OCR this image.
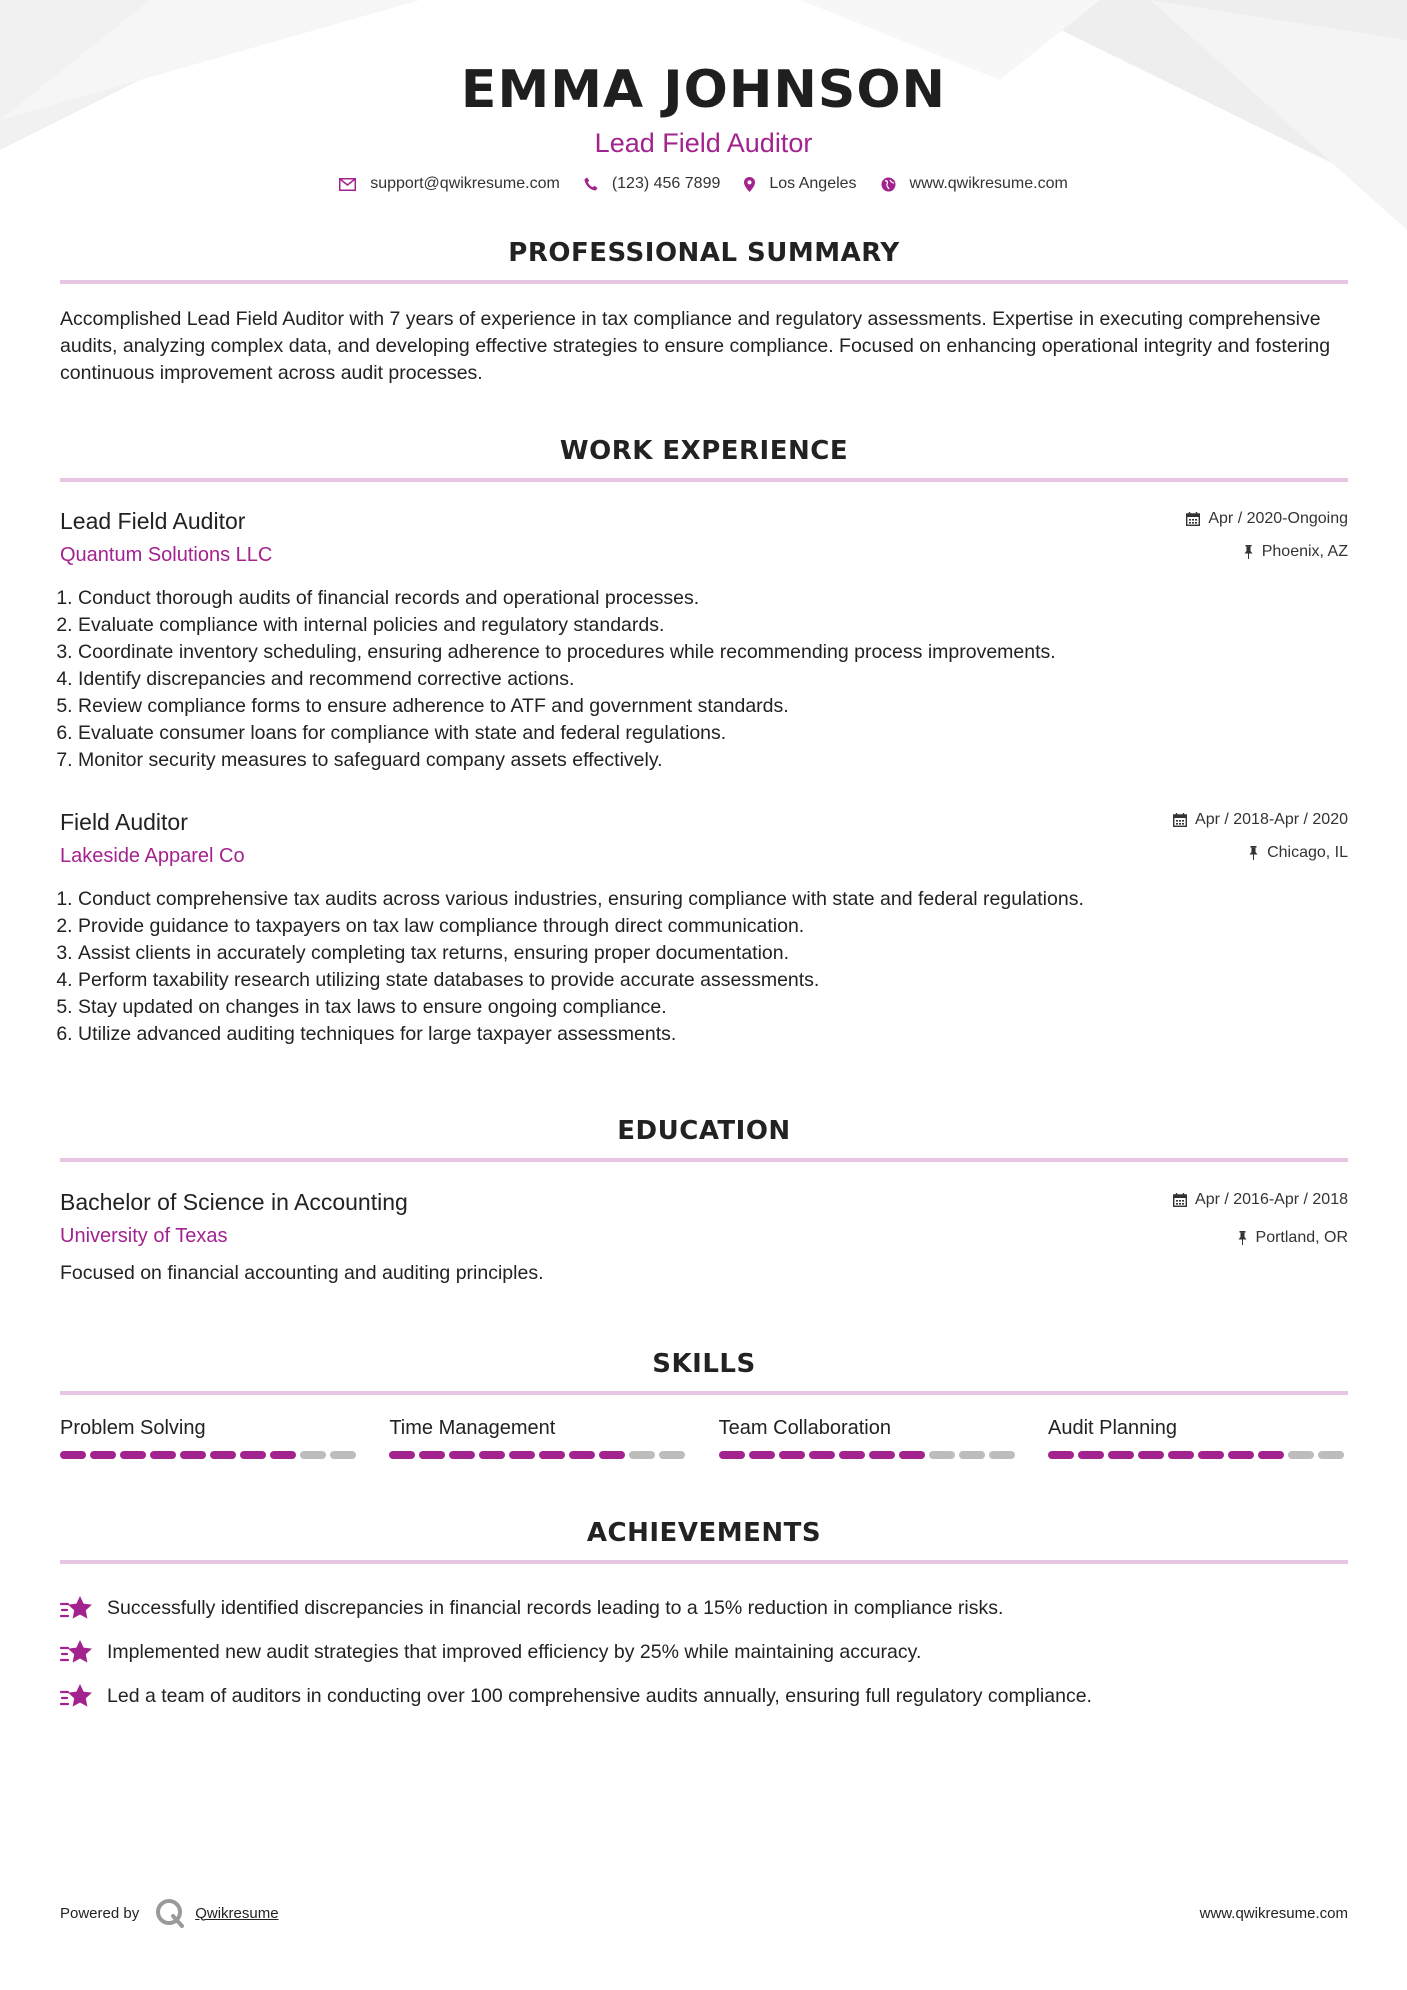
EMMA JOHNSON
Lead Field Auditor
support@qwikresume.com	(123) 456 7899	Los Angeles	www.qwikresume.com
PROFESSIONAL SUMMARY
Accomplished Lead Field Auditor with 7 years of experience in tax compliance and regulatory assessments. Expertise in executing comprehensive audits, analyzing complex data, and developing effective strategies to ensure compliance. Focused on enhancing operational integrity and fostering continuous improvement across audit processes.
WORK EXPERIENCE
Lead Field Auditor
Quantum Solutions LLC
Apr / 2020-Ongoing
Phoenix, AZ
1. Conduct thorough audits of financial records and operational processes.
2. Evaluate compliance with internal policies and regulatory standards.
3. Coordinate inventory scheduling, ensuring adherence to procedures while recommending process improvements.
4. Identify discrepancies and recommend corrective actions.
5. Review compliance forms to ensure adherence to ATF and government standards.
6. Evaluate consumer loans for compliance with state and federal regulations.
7. Monitor security measures to safeguard company assets effectively.
Field Auditor
Lakeside Apparel Co
Apr / 2018-Apr / 2020
Chicago, IL
1. Conduct comprehensive tax audits across various industries, ensuring compliance with state and federal regulations.
2. Provide guidance to taxpayers on tax law compliance through direct communication.
3. Assist clients in accurately completing tax returns, ensuring proper documentation.
4. Perform taxability research utilizing state databases to provide accurate assessments.
5. Stay updated on changes in tax laws to ensure ongoing compliance.
6. Utilize advanced auditing techniques for large taxpayer assessments.
EDUCATION
Bachelor of Science in Accounting
University of Texas
Apr / 2016-Apr / 2018
Portland, OR
Focused on financial accounting and auditing principles.
SKILLS
Problem Solving	Time Management	Team Collaboration	Audit Planning
ACHIEVEMENTS
Successfully identified discrepancies in financial records leading to a 15% reduction in compliance risks.
Implemented new audit strategies that improved efficiency by 25% while maintaining accuracy.
Led a team of auditors in conducting over 100 comprehensive audits annually, ensuring full regulatory compliance.
Powered by	Qwikresume	www.qwikresume.com
